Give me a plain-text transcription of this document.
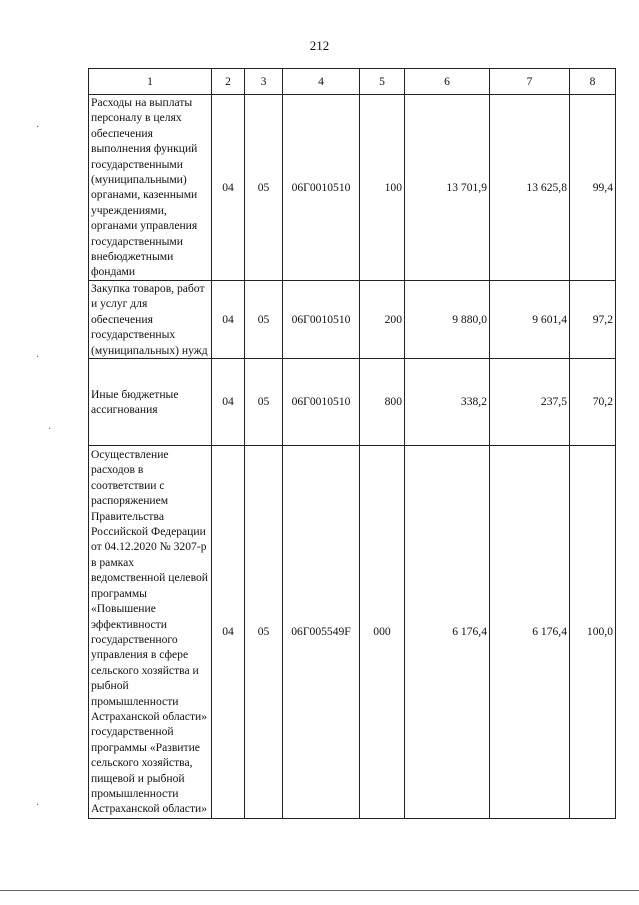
212
1	2	3	4	5	6	7	8
Расходы на выплаты персоналу в целях обеспечения выполнения функций государственными (муниципальными) органами, казенными учреждениями, органами управления государственными внебюджетными фондами	04	05	06Г0010510	100	13 701,9	13 625,8	99,4
Закупка товаров, работ и услуг для обеспечения государственных (муниципальных) нужд	04	05	06Г0010510	200	9 880,0	9 601,4	97,2
Иные бюджетные ассигнования	04	05	06Г0010510	800	338,2	237,5	70,2
Осуществление расходов в соответствии с распоряжением Правительства Российской Федерации от 04.12.2020 № 3207-р в рамках ведомственной целевой программы «Повышение эффективности государственного управления в сфере сельского хозяйства и рыбной промышленности Астраханской области» государственной программы «Развитие сельского хозяйства, пищевой и рыбной промышленности Астраханской области»	04	05	06Г005549F	000	6 176,4	6 176,4	100,0
·
·
·
·
